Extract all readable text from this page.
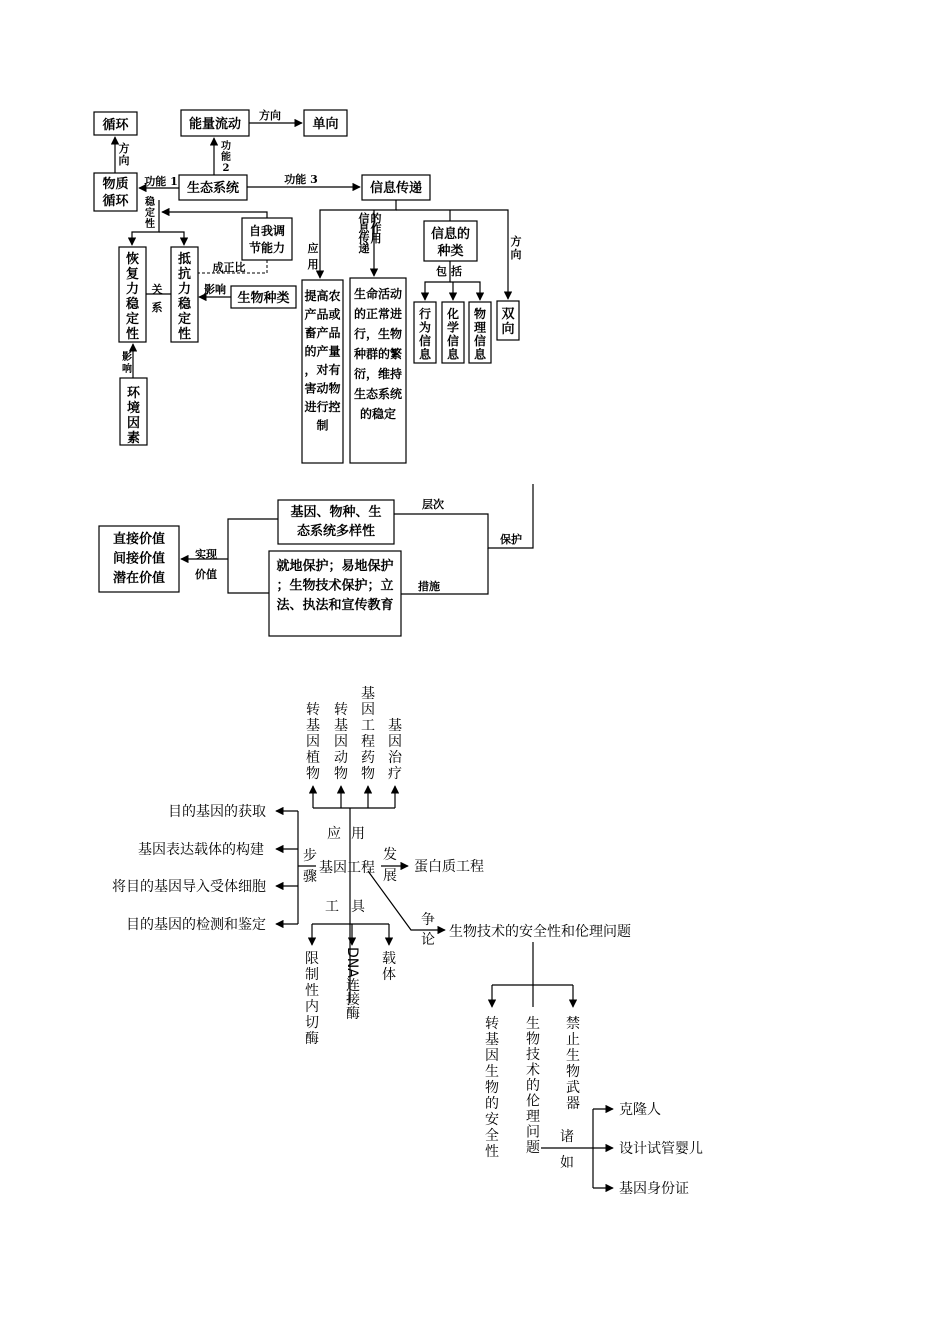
循环	能量流动	单向
物质循环
生态系统	信息传递
自我调节能力
恢复力稳定性
抵抗力稳定性
生物种类
环境因素
提高农产品或畜产品的产量，对有害动物进行控制
生命活动的正常进行，生物种群的繁衍，维持生态系统的稳定
信息的种类
行为信息
化学信息
物理信息
双向
方向
方向
功能 2
功能 1	功能 3
稳定性
成正比
关系
影响
影响
应用
信息传递的作用
包括
方向
基因、物种、生态系统多样性
直接价值间接价值潜在价值
就地保护；易地保护；生物技术保护；立法、执法和宣传教育
层次
保护
措施
实现价值
基因工程
转基因植物
转基因动物
基因工程药物
基因治疗
目的基因的获取
基因表达载体的构建
将目的基因导入受体细胞
目的基因的检测和鉴定
限制性内切酶
DNA连接酶 载体
蛋白质工程
生物技术的安全性和伦理问题
转基因生物的安全性
生物技术的伦理问题
禁止生物武器	克隆人
设计试管婴儿
基因身份证
应用
步骤
工具
发展
争论
诸如
